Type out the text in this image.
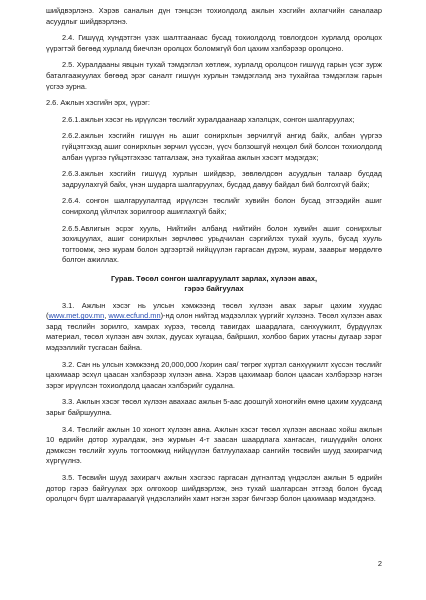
шийдвэрлэнэ. Хэрэв саналын дүн тэнцсэн тохиолдолд ажлын хэсгийн ахлагчийн саналаар асуудлыг шийдвэрлэнэ.

2.4. Гишүүд хүндэтгэн үзэх шалтгаанаас бусад тохиолдолд товлогдсон хурлалд оролцох үүрэгтэй бөгөөд хурлалд биечлэн оролцох боломжгүй бол цахим хэлбэрээр оролцоно.

2.5. Хуралдааны явцын тухай тэмдэглэл хөтлөж, хурлалд оролцсон гишүүд гарын үсэг зурж баталгаажуулах бөгөөд эрэг саналт гишүүн хурлын тэмдэглэлд энэ тухайгаа тэмдэглэж гарын үсгээ зурна.

2.6. Ажлын хэсгийн эрх, үүрэг:

2.6.1.ажлын хэсэг нь ирүүлсэн төслийг хуралдаанаар хэлэлцэх, сонгон шалгаруулах;

2.6.2.ажлын хэсгийн гишүүн нь ашиг сонирхлын зөрчилгүй ангид байх, албан үүргээ гүйцэтгэхэд ашиг сонирхлын зөрчил үүссэн, үүсч болзошгүй нөхцөл бий болсон тохиолдолд албан үүргээ гүйцэтгэхээс татгалзаж, энэ тухайгаа ажлын хэсэгт мэдэгдэх;

2.6.3.ажлын хэсгийн гишүүд хурлын шийдвэр, зөвлөлдсөн асуудлын талаар бусдад задруулахгүй байх, үнэн шударга шалгаруулах, бусдад давуу байдал бий болгохгүй байх;

2.6.4. сонгон шалгаруулалтад ирүүлсэн төслийг хувийн болон бусад этгээдийн ашиг сонирхолд үйлчлэх зорилгоор ашиглахгүй байх;

2.6.5.Авлигын эсрэг хууль, Нийтийн албанд нийтийн болон хувийн ашиг сонирхлыг зохицуулах, ашиг сонирхлын зөрчлөөс урьдчилан сэргийлэх тухай хууль, бусад хууль тогтоомж, энэ журам болон эдгээртэй нийцүүлэн гаргасан дүрэм, журам, зааврыг мөрдөлгө болгон ажиллах.

Гурав. Төсөл сонгон шалгаруулалт зарлах, хүлээн авах,
гэрээ байгуулах

3.1. Ажлын хэсэг нь улсын хэмжээнд төсөл хүлээн авах зарыг цахим хуудас (www.met.gov.mn, www.ecfund.mn)-нд олон нийтэд мэдээллэх үүргийг хүлээнэ. Төсөл хүлээн авах зард төслийн зорилго, хамрах хүрээ, төсөлд тавигдах шаардлага, санхүүжилт, бүрдүүлэх материал, төсөл хүлээн авч эхлэх, дуусах хугацаа, байршил, холбоо барих утасны дугаар зэрэг мэдээллийг тусгасан байна.

3.2. Сан нь улсын хэмжээнд 20,000,000 /хорин сая/ төгрөг хүртэл санхүүжилт хүссэн төслийг цахимаар эсхүл цаасан хэлбэрээр хүлээн авна. Хэрэв цахимаар болон цаасан хэлбэрээр нэгэн зэрэг ирүүлсэн тохиолдолд цаасан хэлбэрийг судална.

3.3. Ажлын хэсэг төсөл хүлээн авахаас ажлын 5-аас доошгүй хоногийн өмнө цахим хуудсанд зарыг байршуулна.

3.4. Төслийг ажлын 10 хоногт хүлээн авна. Ажлын хэсэг төсөл хүлээн авснаас хойш ажлын 10 өдрийн дотор хуралдаж, энэ журмын 4-т заасан шаардлага хангасан, гишүүдийн олонх дэмжсэн төслийг хууль тогтоомжид нийцүүлэн батлуулахаар сангийн төсвийн шууд захирагчид хүргүүлнэ.

3.5. Төсвийн шууд захирагч ажлын хэсгээс гаргасан дүгнэлтэд үндэслэн ажлын 5 өдрийн дотор гэрээ байгуулах эрх олгохоор шийдвэрлэж, энэ тухай шалгарсан этгээд болон бусад оролцогч бүрт шалгарааагүй үндэслэлийн хамт нэгэн зэрэг бичгээр болон цахимаар мэдэгдэнэ.

2
